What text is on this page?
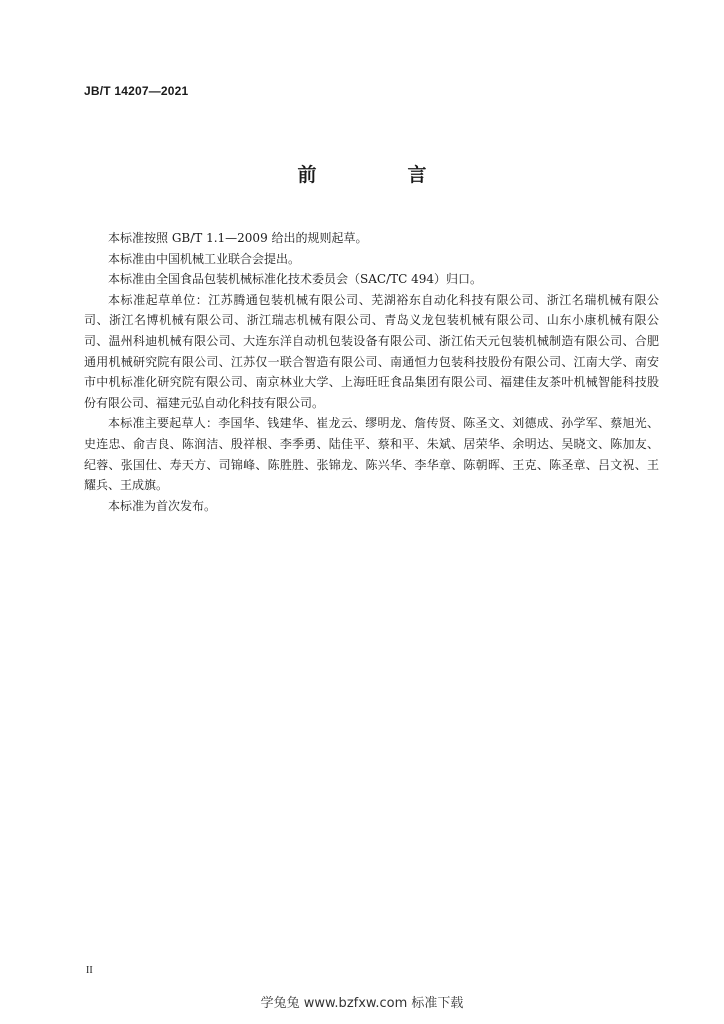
JB/T 14207—2021
前　言

本标准按照 GB/T 1.1—2009 给出的规则起草。

本标准由中国机械工业联合会提出。

本标准由全国食品包装机械标准化技术委员会（SAC/TC 494）归口。

本标准起草单位：江苏腾通包装机械有限公司、芜湖裕东自动化科技有限公司、浙江名瑞机械有限公司、浙江名博机械有限公司、浙江瑞志机械有限公司、青岛义龙包装机械有限公司、山东小康机械有限公司、温州科迪机械有限公司、大连东洋自动机包装设备有限公司、浙江佑天元包装机械制造有限公司、合肥通用机械研究院有限公司、江苏仅一联合智造有限公司、南通恒力包装科技股份有限公司、江南大学、南安市中机标准化研究院有限公司、南京林业大学、上海旺旺食品集团有限公司、福建佳友茶叶机械智能科技股份有限公司、福建元弘自动化科技有限公司。

本标准主要起草人：李国华、钱建华、崔龙云、缪明龙、詹传贤、陈圣文、刘德成、孙学军、蔡旭光、史连忠、俞吉良、陈润洁、殷祥根、李季勇、陆佳平、蔡和平、朱斌、居荣华、余明达、吴晓文、陈加友、纪蓉、张国仕、寿天方、司锦峰、陈胜胜、张锦龙、陈兴华、李华章、陈朝晖、王克、陈圣章、吕文祝、王耀兵、王成旗。

本标准为首次发布。

II
学兔兔 www.bzfxw.com 标准下载
